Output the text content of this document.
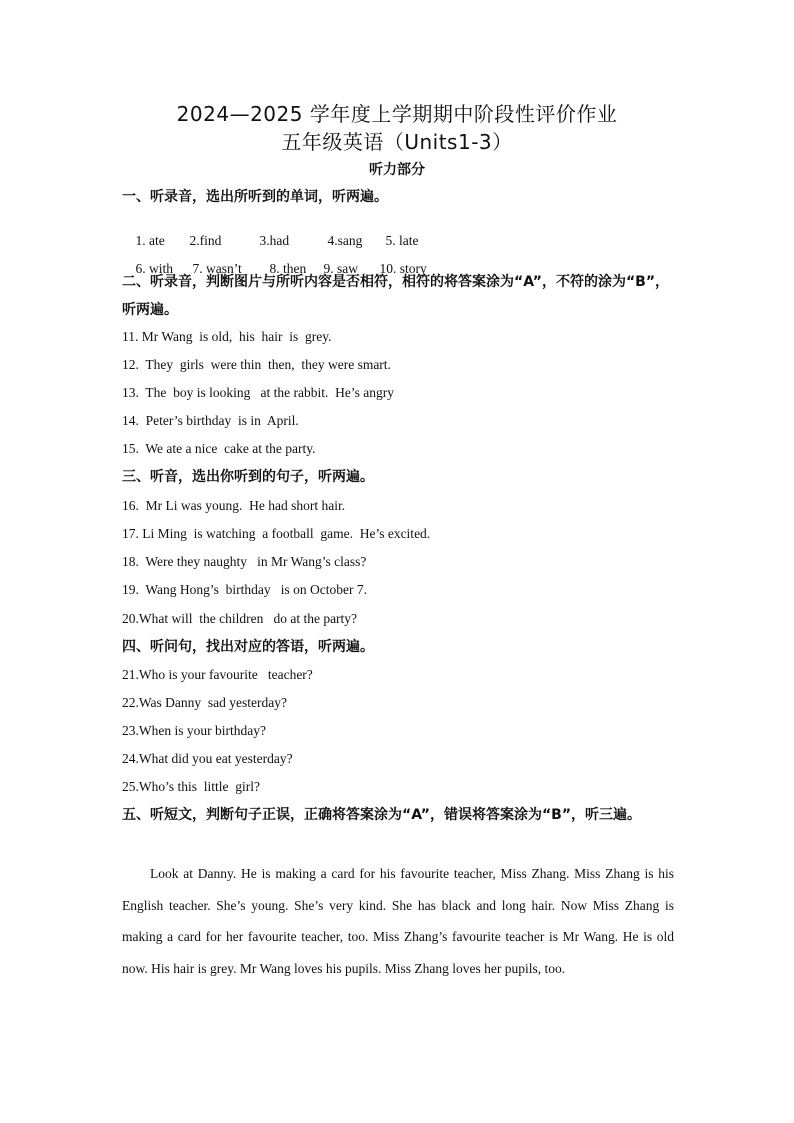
2024—2025 学年度上学期期中阶段性评价作业
五年级英语（Units1-3）
听力部分
一、听录音，选出所听到的单词，听两遍。

1. ate 2.find	3.had	4.sang 5. late

6. with 7. wasn’t 8. then 9. saw 10. story

二、听录音，判断图片与所听内容是否相符，相符的将答案涂为“A”，不符的涂为“B”，听两遍。
11. Mr Wang  is old,  his  hair  is  grey.
12.  They  girls  were thin  then,  they were smart.
13.  The  boy is looking   at the rabbit.  He’s angry
14.  Peter’s birthday  is in  April.
15.  We ate a nice  cake at the party.
三、听音，选出你听到的句子，听两遍。
16.  Mr Li was young.  He had short hair.
17. Li Ming  is watching  a football  game.  He’s excited.
18.  Were they naughty   in Mr Wang’s class?
19.  Wang Hong’s  birthday   is on October 7.
20.What will  the children   do at the party?
四、听问句，找出对应的答语，听两遍。
21.Who is your favourite   teacher?
22.Was Danny  sad yesterday?
23.When is your birthday?
24.What did you eat yesterday?
25.Who’s this  little  girl?
五、听短文，判断句子正误，正确将答案涂为“A”，错误将答案涂为“B”，听三遍。
Look at Danny. He is making a card for his favourite teacher, Miss Zhang. Miss Zhang is his English teacher. She’s young. She’s very kind. She has black and long hair. Now Miss Zhang is making a card for her favourite teacher, too. Miss Zhang’s favourite teacher is Mr Wang. He is old now. His hair is grey. Mr Wang loves his pupils. Miss Zhang loves her pupils, too.
